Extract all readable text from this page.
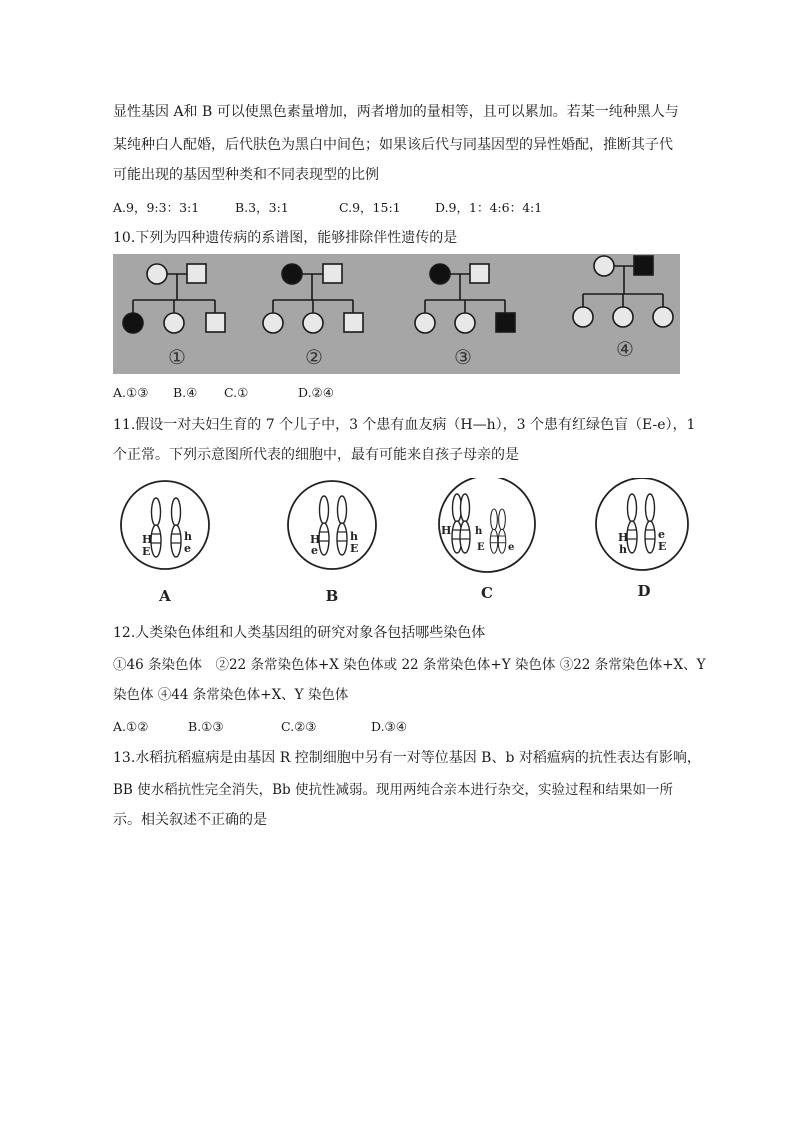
显性基因 A和 B 可以使黑色素量增加，两者增加的量相等，且可以累加。若某一纯种黑人与
某纯种白人配婚，后代肤色为黑白中间色；如果该后代与同基因型的异性婚配，推断其子代
可能出现的基因型种类和不同表现型的比例
A.9，9:3：3:1	B.3，3:1	C.9，15:1	D.9，1：4:6：4:1
10.下列为四种遗传病的系谱图，能够排除伴性遗传的是
①	②	③	④
A.①③ B.④ C.①	D.②④
11.假设一对夫妇生育的 7 个儿子中，3 个患有血友病（H—h），3 个患有红绿色盲（E-e），1
个正常。下列示意图所代表的细胞中，最有可能来自孩子母亲的是
H
E
h
e
A
H
e
h
E
B
H h
E e
C
H
h
e
E
D
12.人类染色体组和人类基因组的研究对象各包括哪些染色体
①46 条染色体　②22 条常染色体+X 染色体或 22 条常染色体+Y 染色体 ③22 条常染色体+X、Y
染色体 ④44 条常染色体+X、Y 染色体
A.①②	B.①③	C.②③	D.③④
13.水稻抗稻瘟病是由基因 R 控制细胞中另有一对等位基因 B、b 对稻瘟病的抗性表达有影响，
BB 使水稻抗性完全消失，Bb 使抗性减弱。现用两纯合亲本进行杂交，实验过程和结果如一所
示。相关叙述不正确的是
